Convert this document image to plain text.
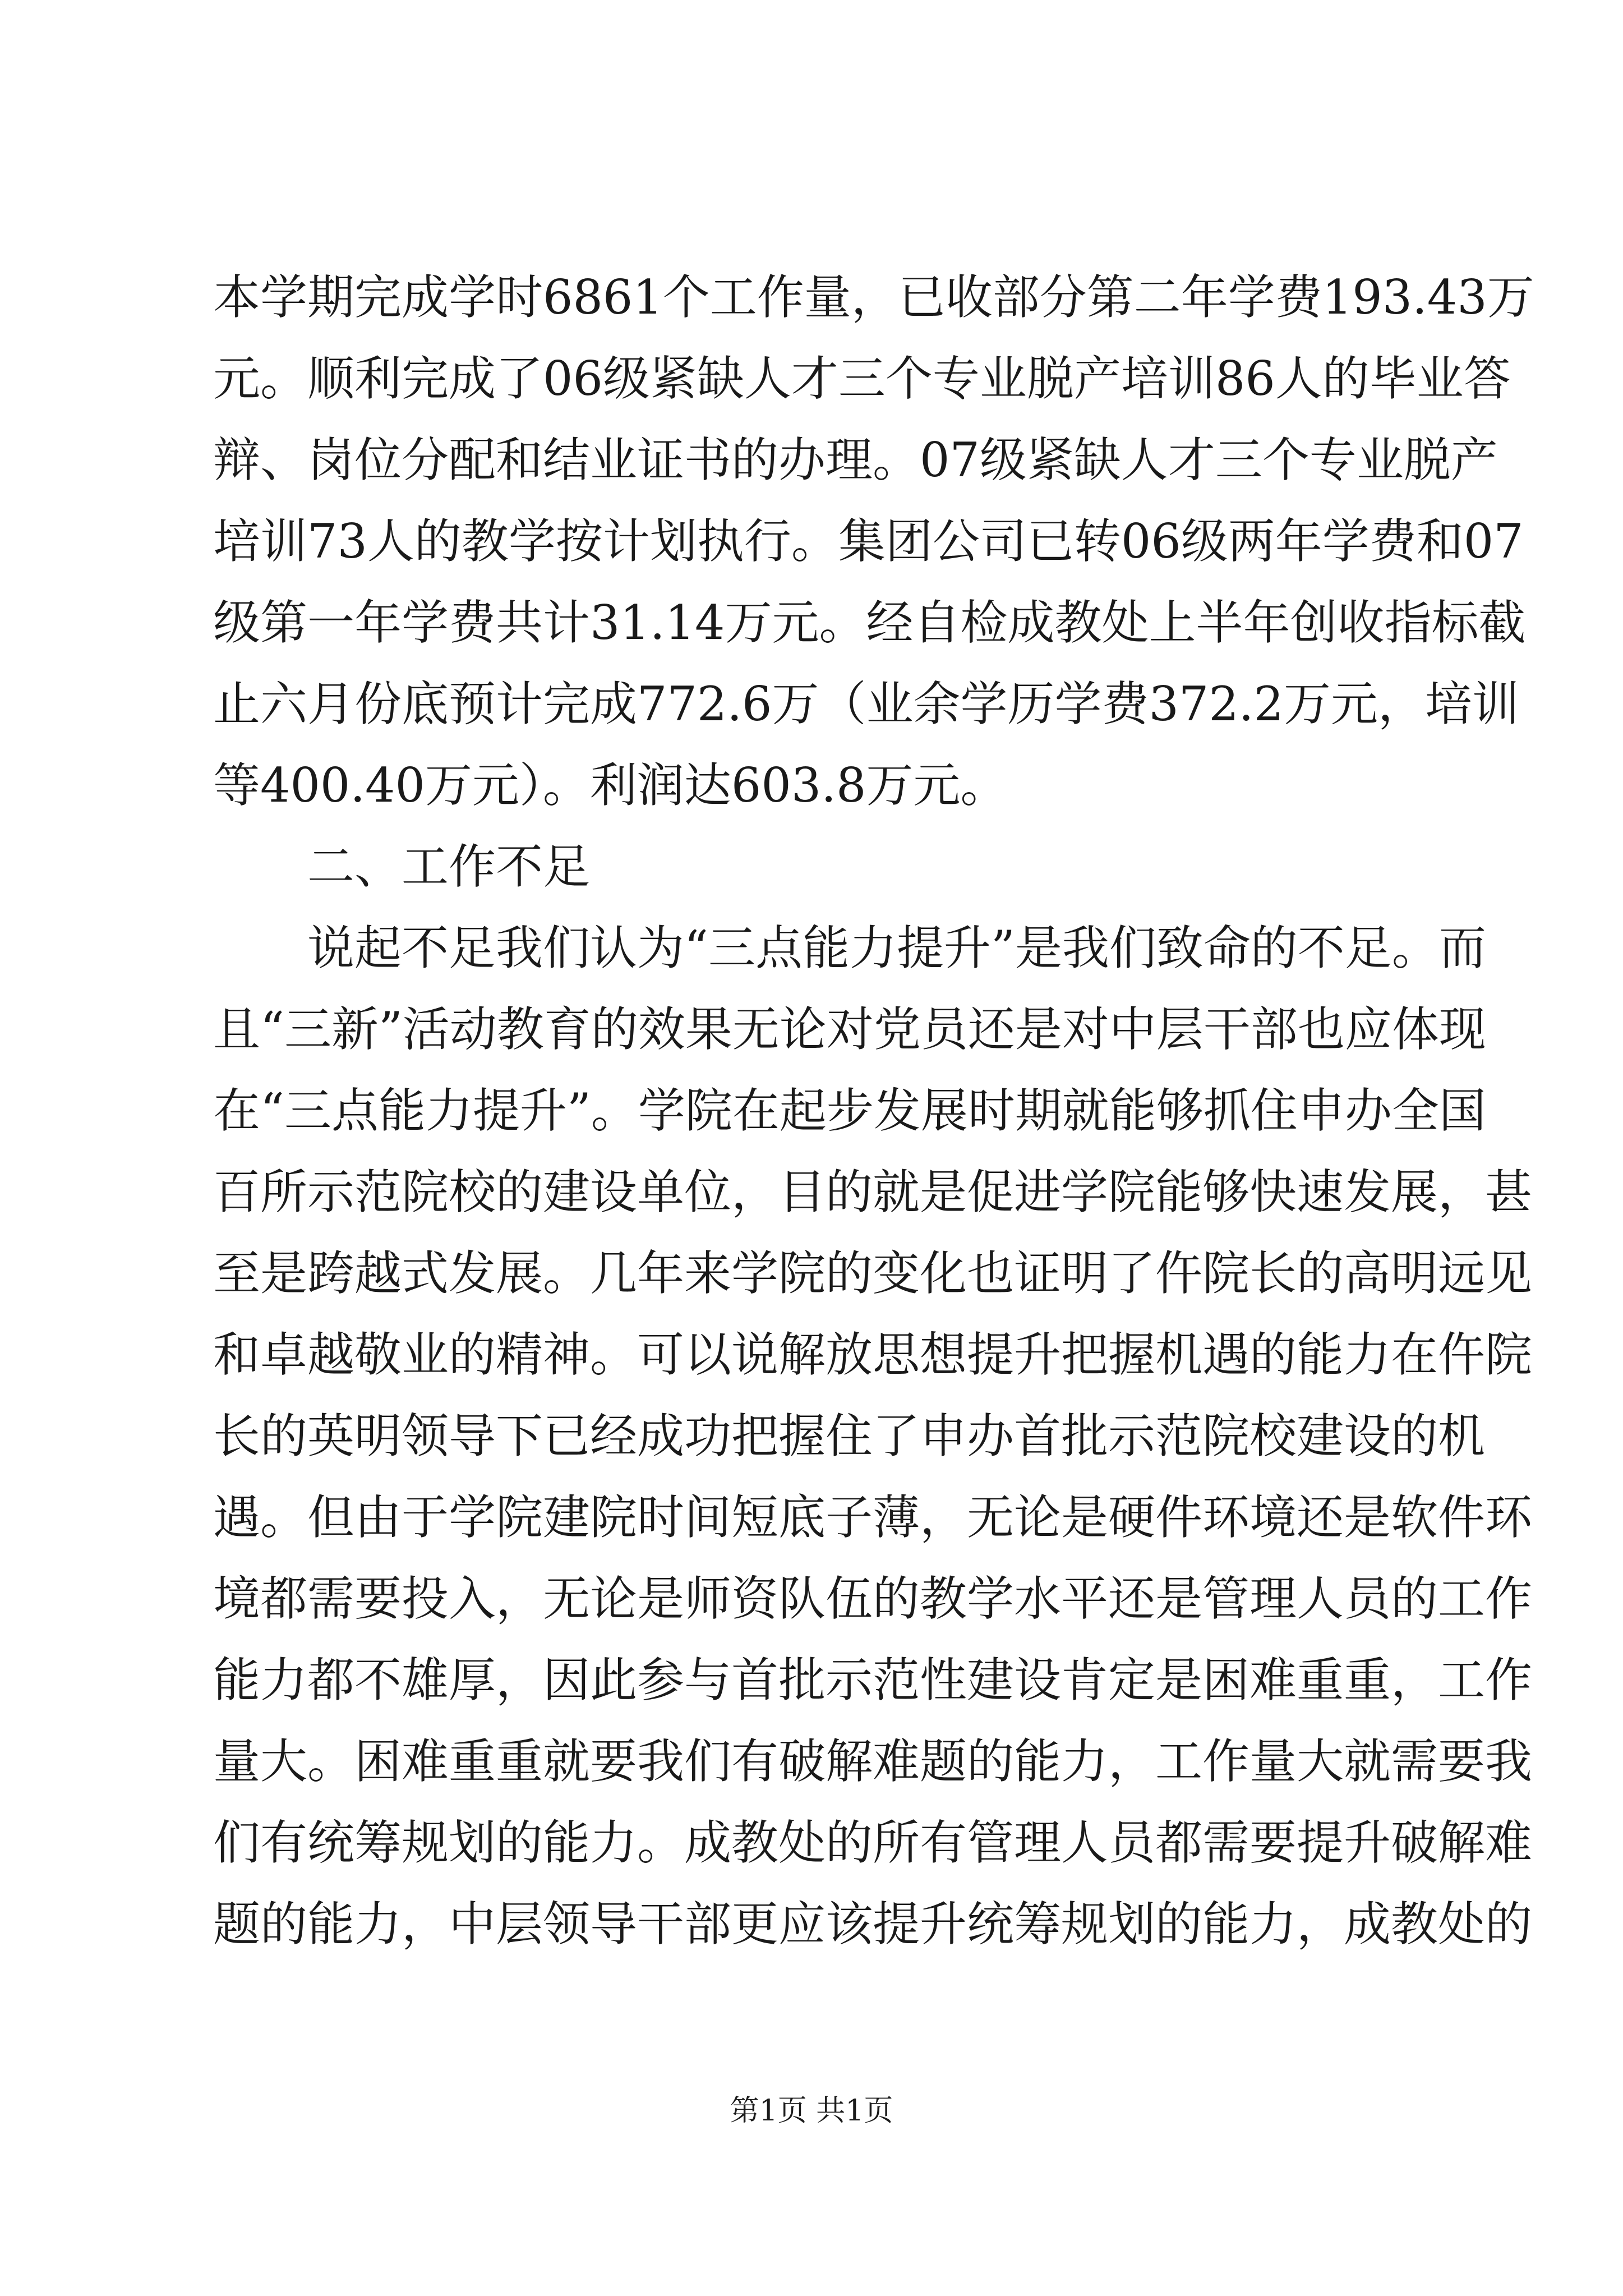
本学期完成学时6861个工作量，已收部分第二年学费193.43万
元。顺利完成了06级紧缺人才三个专业脱产培训86人的毕业答
辩、岗位分配和结业证书的办理。07级紧缺人才三个专业脱产
培训73人的教学按计划执行。集团公司已转06级两年学费和07
级第一年学费共计31.14万元。经自检成教处上半年创收指标截
止六月份底预计完成772.6万（业余学历学费372.2万元，培训
等400.40万元）。利润达603.8万元。
二、工作不足
说起不足我们认为“三点能力提升”是我们致命的不足。而
且“三新”活动教育的效果无论对党员还是对中层干部也应体现
在“三点能力提升”。学院在起步发展时期就能够抓住申办全国
百所示范院校的建设单位，目的就是促进学院能够快速发展，甚
至是跨越式发展。几年来学院的变化也证明了仵院长的高明远见
和卓越敬业的精神。可以说解放思想提升把握机遇的能力在仵院
长的英明领导下已经成功把握住了申办首批示范院校建设的机
遇。但由于学院建院时间短底子薄，无论是硬件环境还是软件环
境都需要投入，无论是师资队伍的教学水平还是管理人员的工作
能力都不雄厚，因此参与首批示范性建设肯定是困难重重，工作
量大。困难重重就要我们有破解难题的能力，工作量大就需要我
们有统筹规划的能力。成教处的所有管理人员都需要提升破解难
题的能力，中层领导干部更应该提升统筹规划的能力，成教处的
第1页 共1页
